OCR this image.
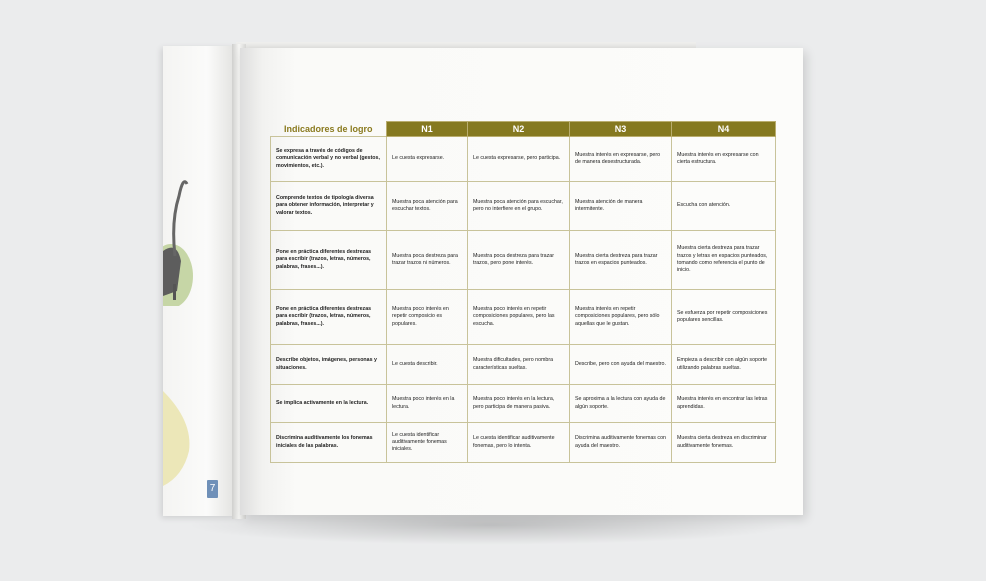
7
Indicadores de logro	N1	N2	N3	N4
Se expresa a través de códigos de comunicación verbal y no verbal (gestos, movimientos, etc.).	Le cuesta expresarse.	Le cuesta expresarse, pero participa.	Muestra interés en expresarse, pero de manera desestructurada.	Muestra interés en expresarse con cierta estructura.
Comprende textos de tipología diversa para obtener información, interpretar y valorar textos.	Muestra poca atención para escuchar textos.	Muestra poca atención para escuchar, pero no interfiere en el grupo.	Muestra atención de manera intermitente.	Escucha con atención.
Pone en práctica diferentes destrezas para escribir (trazos, letras, números, palabras, frases...).	Muestra poca destreza para trazar trazos ni números.	Muestra poca destreza para trazar trazos, pero pone interés.	Muestra cierta destreza para trazar trazos en espacios punteados.	Muestra cierta destreza para trazar trazos y letras en espacios punteados, tomando como referencia el punto de inicio.
Pone en práctica diferentes destrezas para escribir (trazos, letras, números, palabras, frases...).	Muestra poco interés en repetir composicio es populares.	Muestra poco interés en repetir composiciones populares, pero las escucha.	Muestra interés en repetir composiciones populares, pero sólo aquellas que le gustan.	Se esfuerza por repetir composiciones populares sencillas.
Describe objetos, imágenes, personas y situaciones.	Le cuesta describir.	Muestra dificultades, pero nombra características sueltas.	Describe, pero con ayuda del maestro.	Empieza a describir con algún soporte utilizando palabras sueltas.
Se implica activamente en la lectura.	Muestra poco interés en la lectura.	Muestra poco interés en la lectura, pero participa de manera pasiva.	Se aproxima a la lectura con ayuda de algún soporte.	Muestra interés en encontrar las letras aprendidas.
Discrimina auditivamente los fonemas iniciales de las palabras.	Le cuesta identificar auditivamente fonemas iniciales.	Le cuesta identificar auditivamente fonemas, pero lo intenta.	Discrimina auditivamente fonemas con ayuda del maestro.	Muestra cierta destreza en discriminar auditivamente fonemas.
